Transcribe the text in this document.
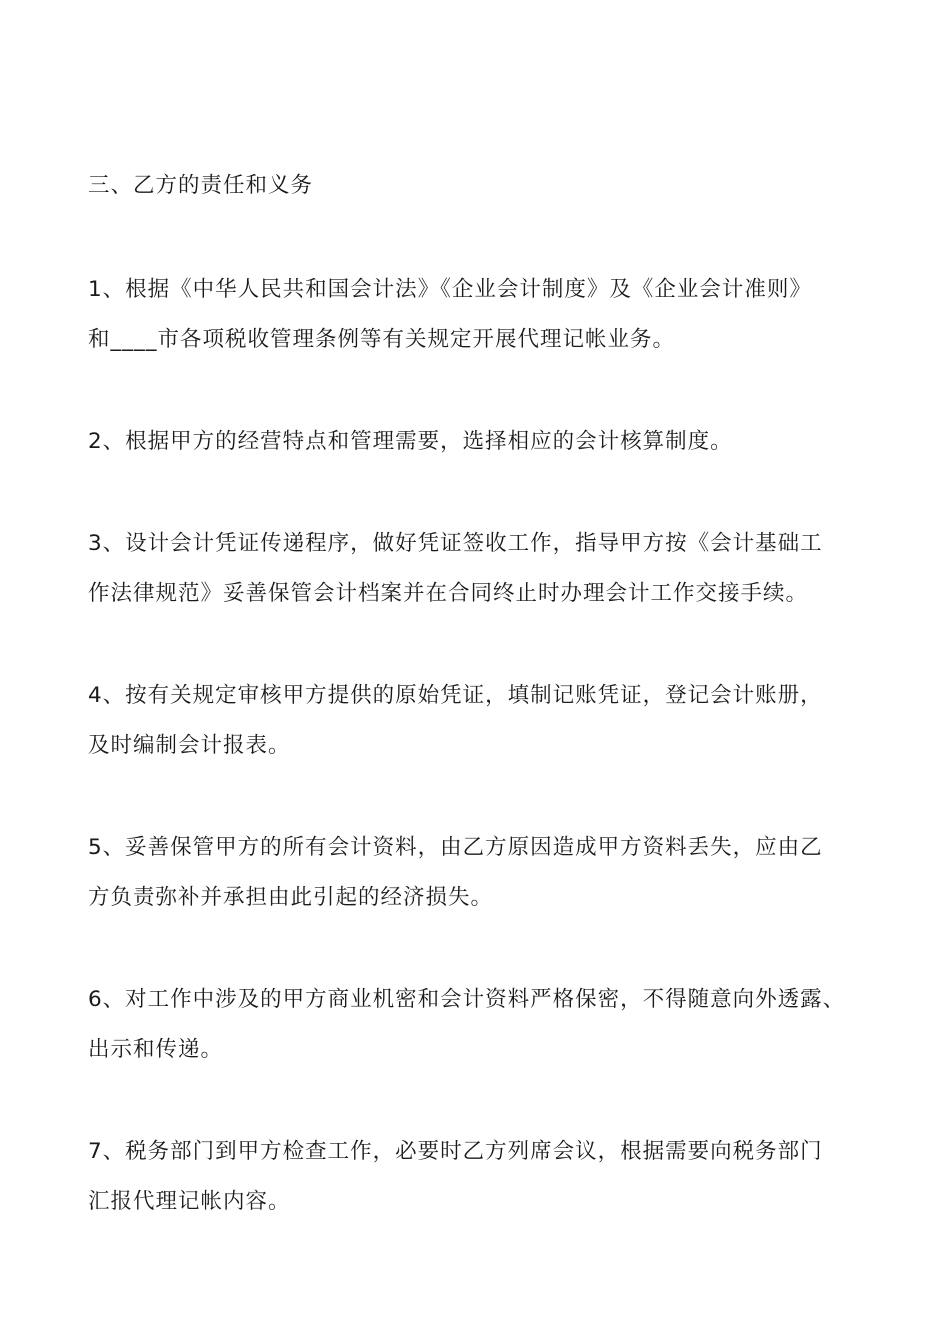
三、乙方的责任和义务
1、根据《中华人民共和国会计法》《企业会计制度》及《企业会计准则》
和____市各项税收管理条例等有关规定开展代理记帐业务。
2、根据甲方的经营特点和管理需要，选择相应的会计核算制度。
3、设计会计凭证传递程序，做好凭证签收工作，指导甲方按《会计基础工
作法律规范》妥善保管会计档案并在合同终止时办理会计工作交接手续。
4、按有关规定审核甲方提供的原始凭证，填制记账凭证，登记会计账册，
及时编制会计报表。
5、妥善保管甲方的所有会计资料，由乙方原因造成甲方资料丢失，应由乙
方负责弥补并承担由此引起的经济损失。
6、对工作中涉及的甲方商业机密和会计资料严格保密，不得随意向外透露、
出示和传递。
7、税务部门到甲方检查工作，必要时乙方列席会议，根据需要向税务部门
汇报代理记帐内容。
